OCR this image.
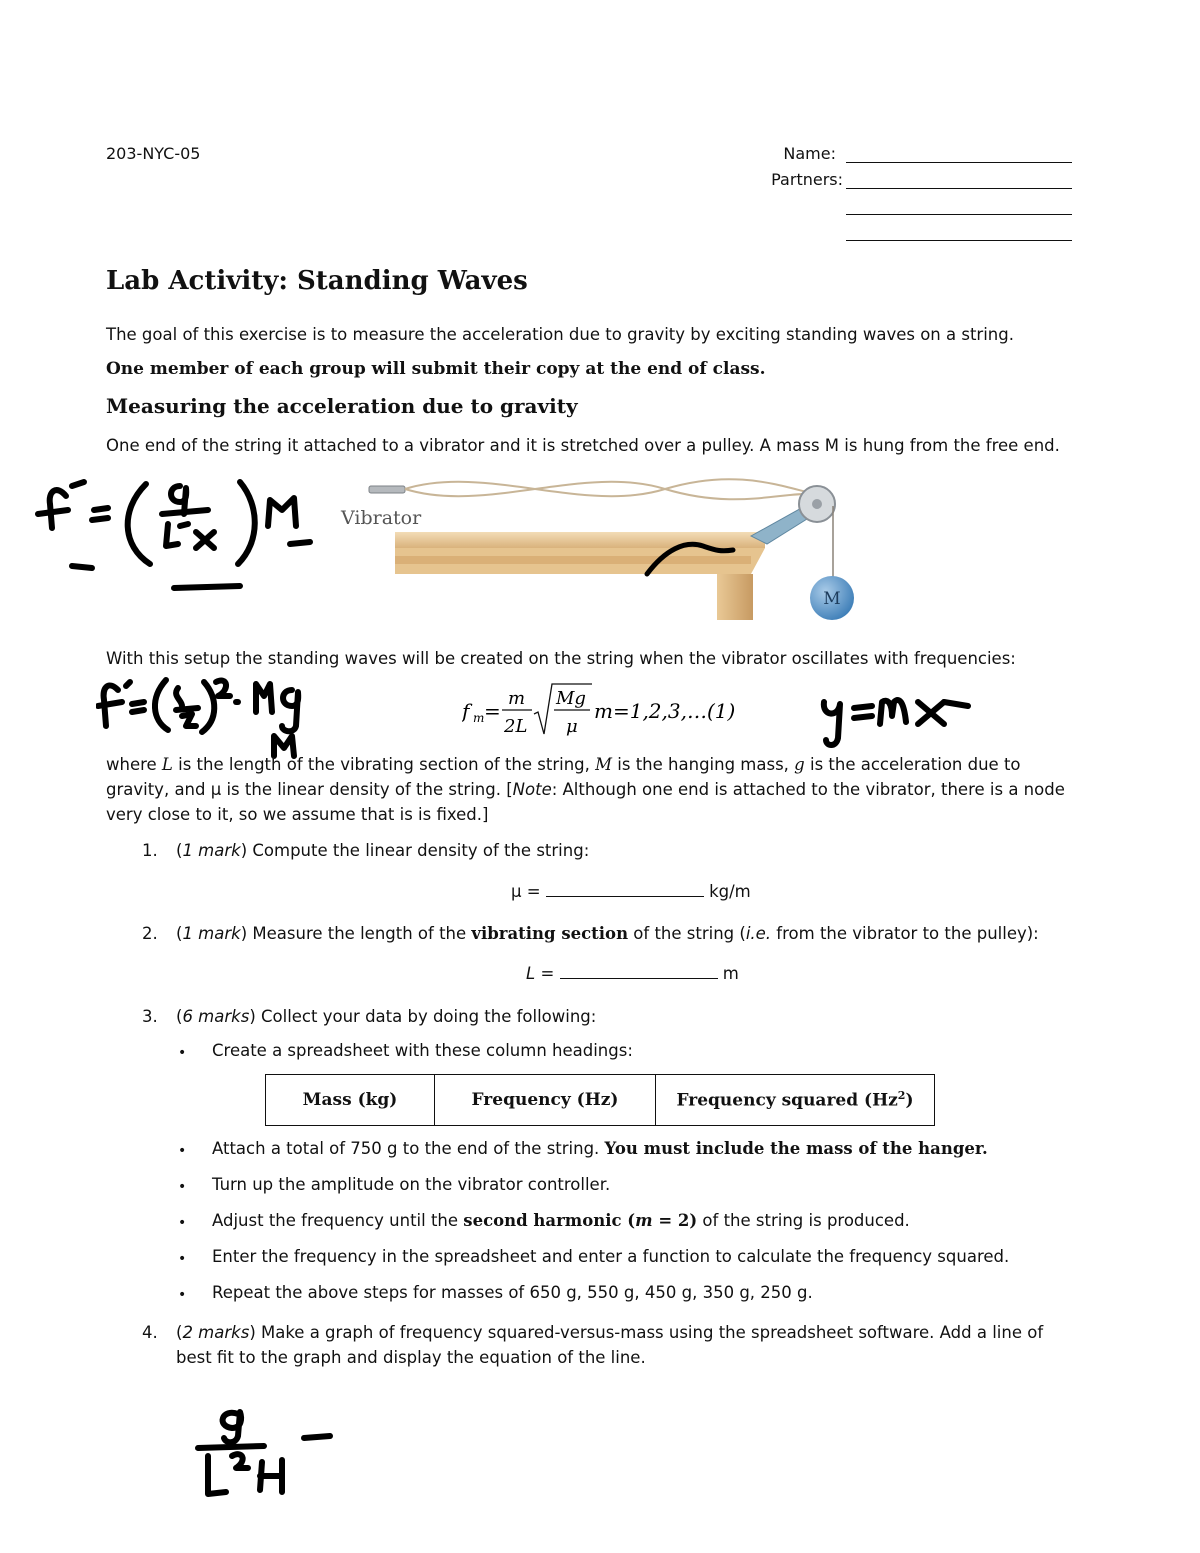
203-NYC-05	Name:
Partners:
Lab Activity: Standing Waves
The goal of this exercise is to measure the acceleration due to gravity by exciting standing waves on a string.
One member of each group will submit their copy at the end of class.
Measuring the acceleration due to gravity
One end of the string it attached to a vibrator and it is stretched over a pulley. A mass M is hung from the free end.
M
Vibrator
With this setup the standing waves will be created on the string when the vibrator oscillates with frequencies:
f m =
m
2L
Mg
μ
m=1,2,3,…(1)
where L is the length of the vibrating section of the string, M is the hanging mass, g is the acceleration due to
gravity, and μ is the linear density of the string. [Note: Although one end is attached to the vibrator, there is a node
very close to it, so we assume that is is fixed.]
1. (1 mark) Compute the linear density of the string:
μ =	kg/m
2. (1 mark) Measure the length of the vibrating section of the string (i.e. from the vibrator to the pulley):
L =	m
3. (6 marks) Collect your data by doing the following:
• Create a spreadsheet with these column headings:
Mass (kg)	Frequency (Hz)	Frequency squared (Hz$^2$)
• Attach a total of 750 g to the end of the string. You must include the mass of the hanger.
• Turn up the amplitude on the vibrator controller.
• Adjust the frequency until the second harmonic (m = 2) of the string is produced.
• Enter the frequency in the spreadsheet and enter a function to calculate the frequency squared.
• Repeat the above steps for masses of 650 g, 550 g, 450 g, 350 g, 250 g.
4. (2 marks) Make a graph of frequency squared-versus-mass using the spreadsheet software. Add a line of
best fit to the graph and display the equation of the line.
